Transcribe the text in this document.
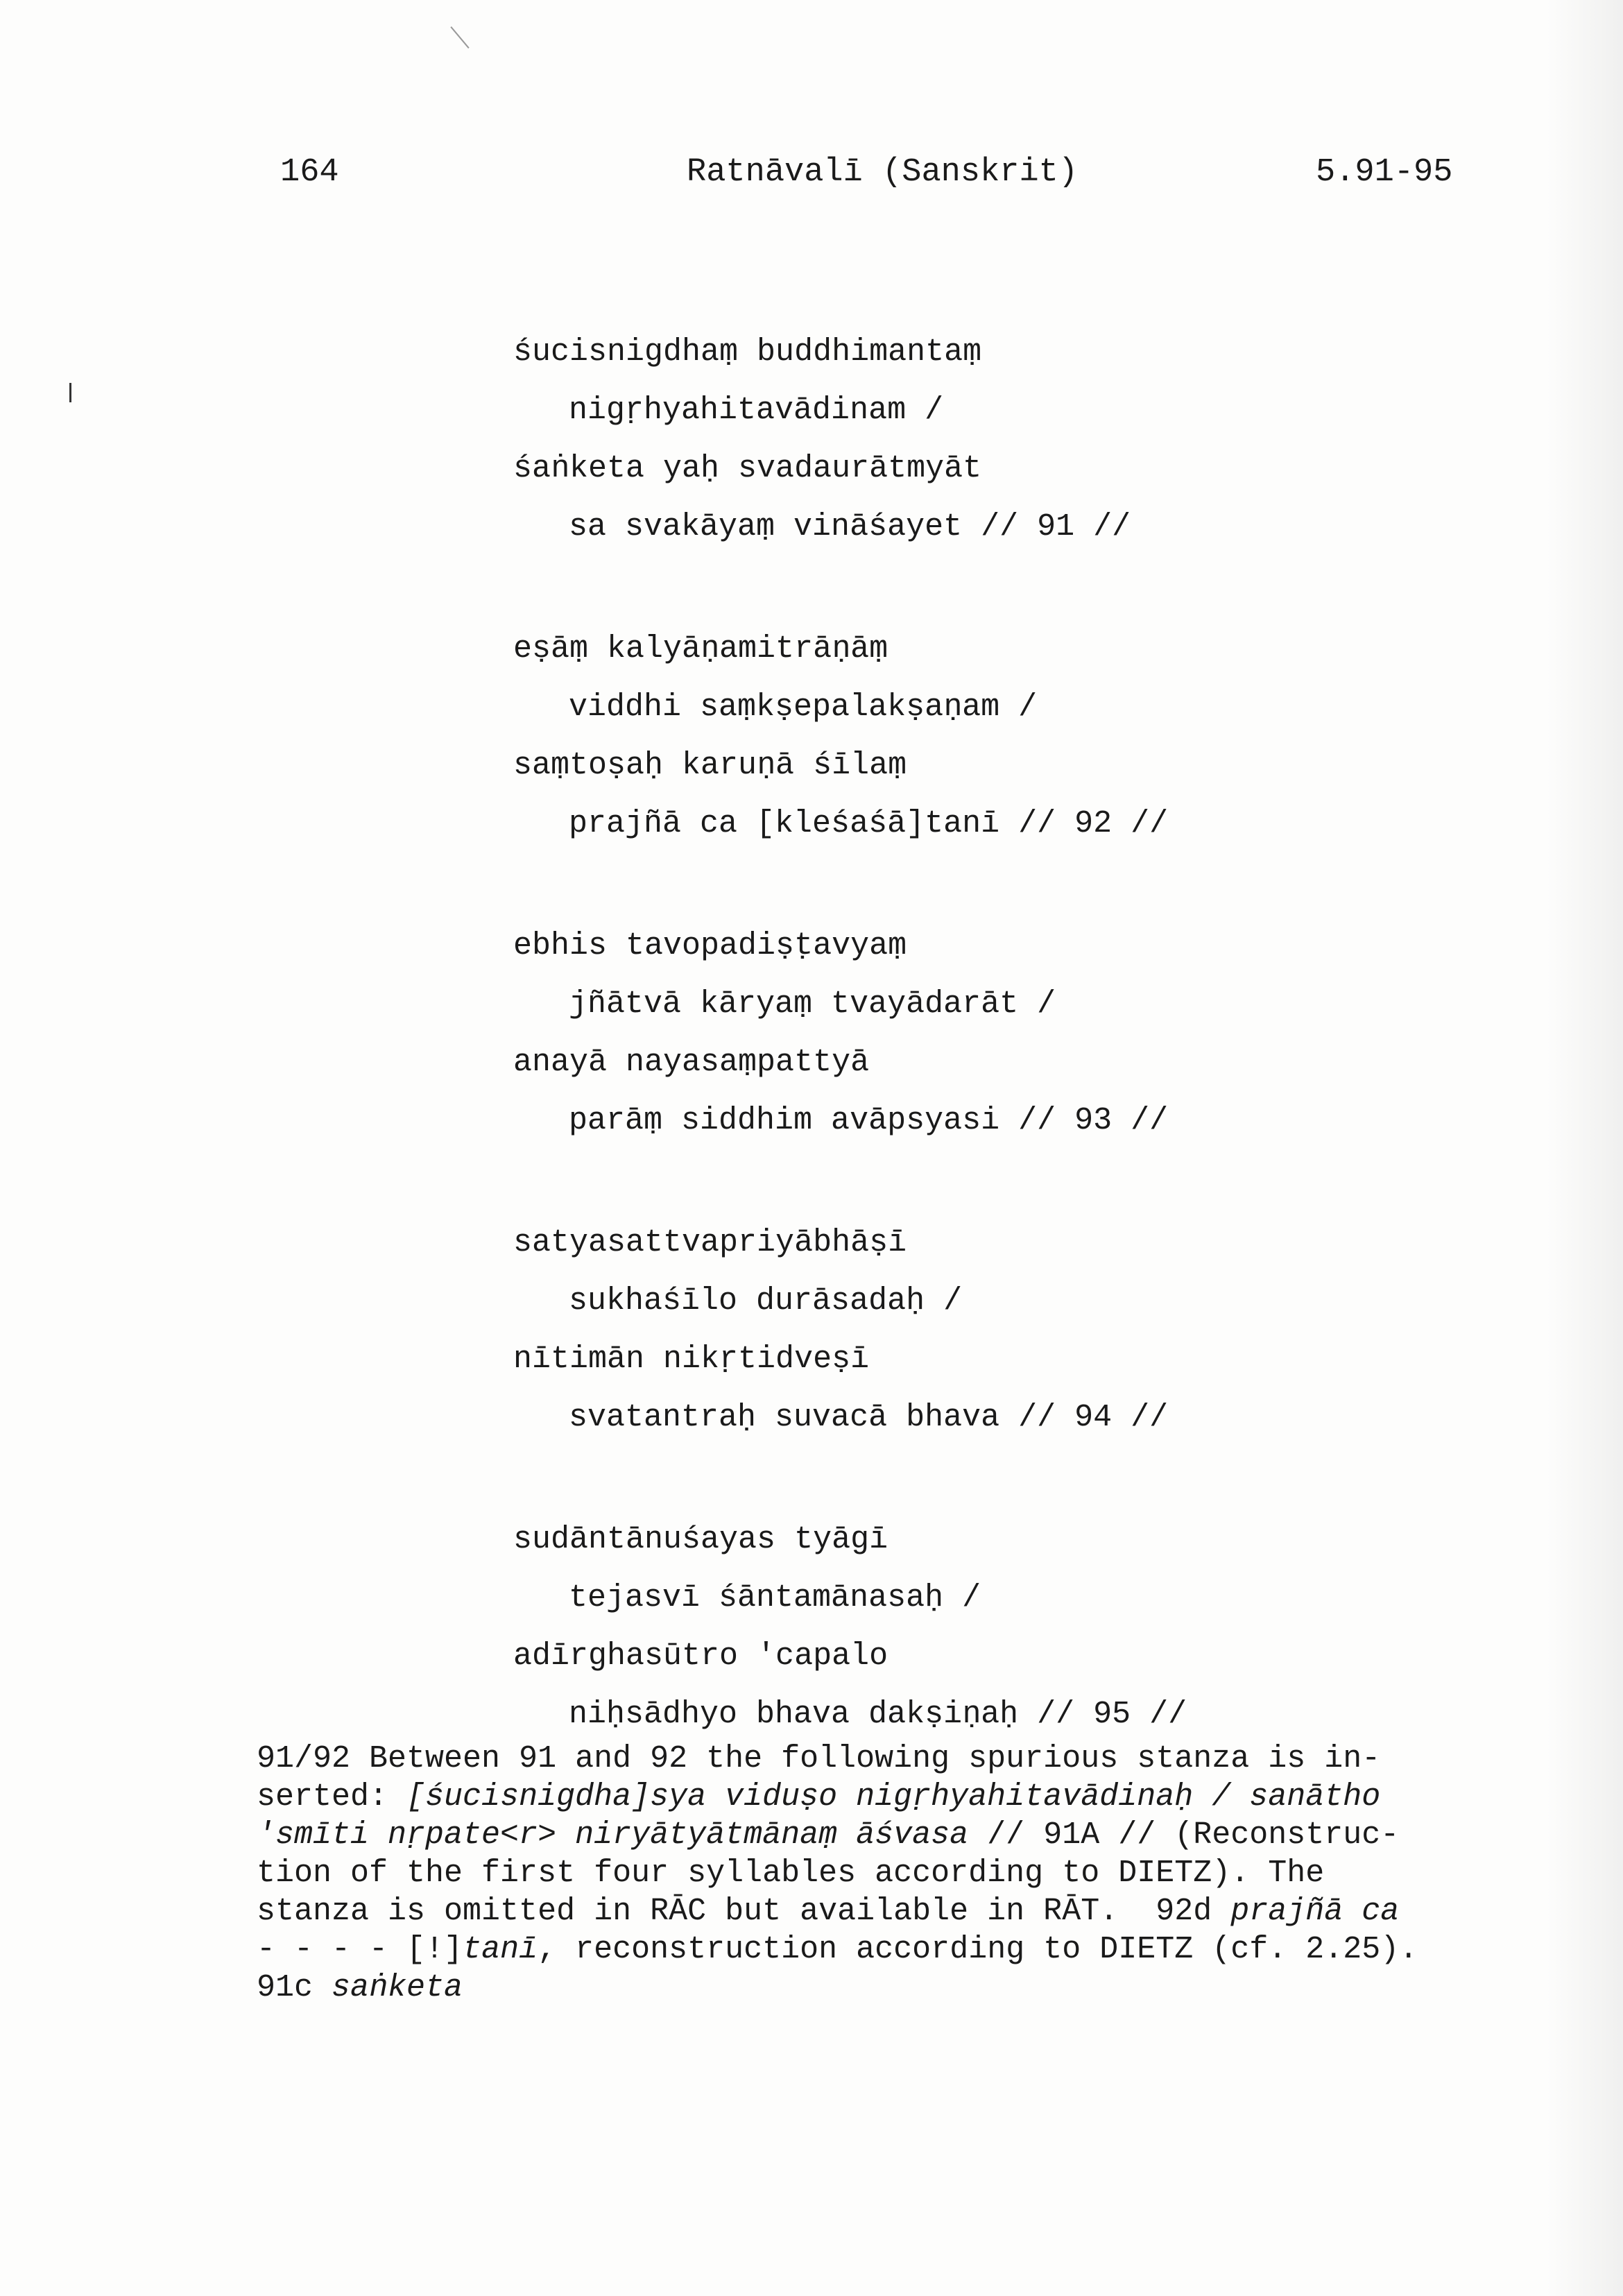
164	Ratnāvalī (Sanskrit)	5.91-95
śucisnigdhaṃ buddhimantaṃ
nigṛhyahitavādinam /
śaṅketa yaḥ svadaurātmyāt
sa svakāyaṃ vināśayet // 91 //
eṣāṃ kalyāṇamitrāṇāṃ
viddhi saṃkṣepalakṣaṇam /
saṃtoṣaḥ karuṇā śīlaṃ
prajñā ca [kleśaśā]tanī // 92 //
ebhis tavopadiṣṭavyaṃ
jñātvā kāryaṃ tvayādarāt /
anayā nayasaṃpattyā
parāṃ siddhim avāpsyasi // 93 //
satyasattvapriyābhāṣī
sukhaśīlo durāsadaḥ /
nītimān nikṛtidveṣī
svatantraḥ suvacā bhava // 94 //
sudāntānuśayas tyāgī
tejasvī śāntamānasaḥ /
adīrghasūtro 'capalo
niḥsādhyo bhava dakṣiṇaḥ // 95 //
91/92 Between 91 and 92 the following spurious stanza is in-
serted: [śucisnigdha]sya viduṣo nigṛhyahitavādinaḥ / sanātho
'smīti nṛpate<r> niryātyātmānaṃ āśvasa // 91A // (Reconstruc-
tion of the first four syllables according to DIETZ). The
stanza is omitted in RĀC but available in RĀT.  92d prajñā ca
- - - - [!]tanī, reconstruction according to DIETZ (cf. 2.25).
91c saṅketa
